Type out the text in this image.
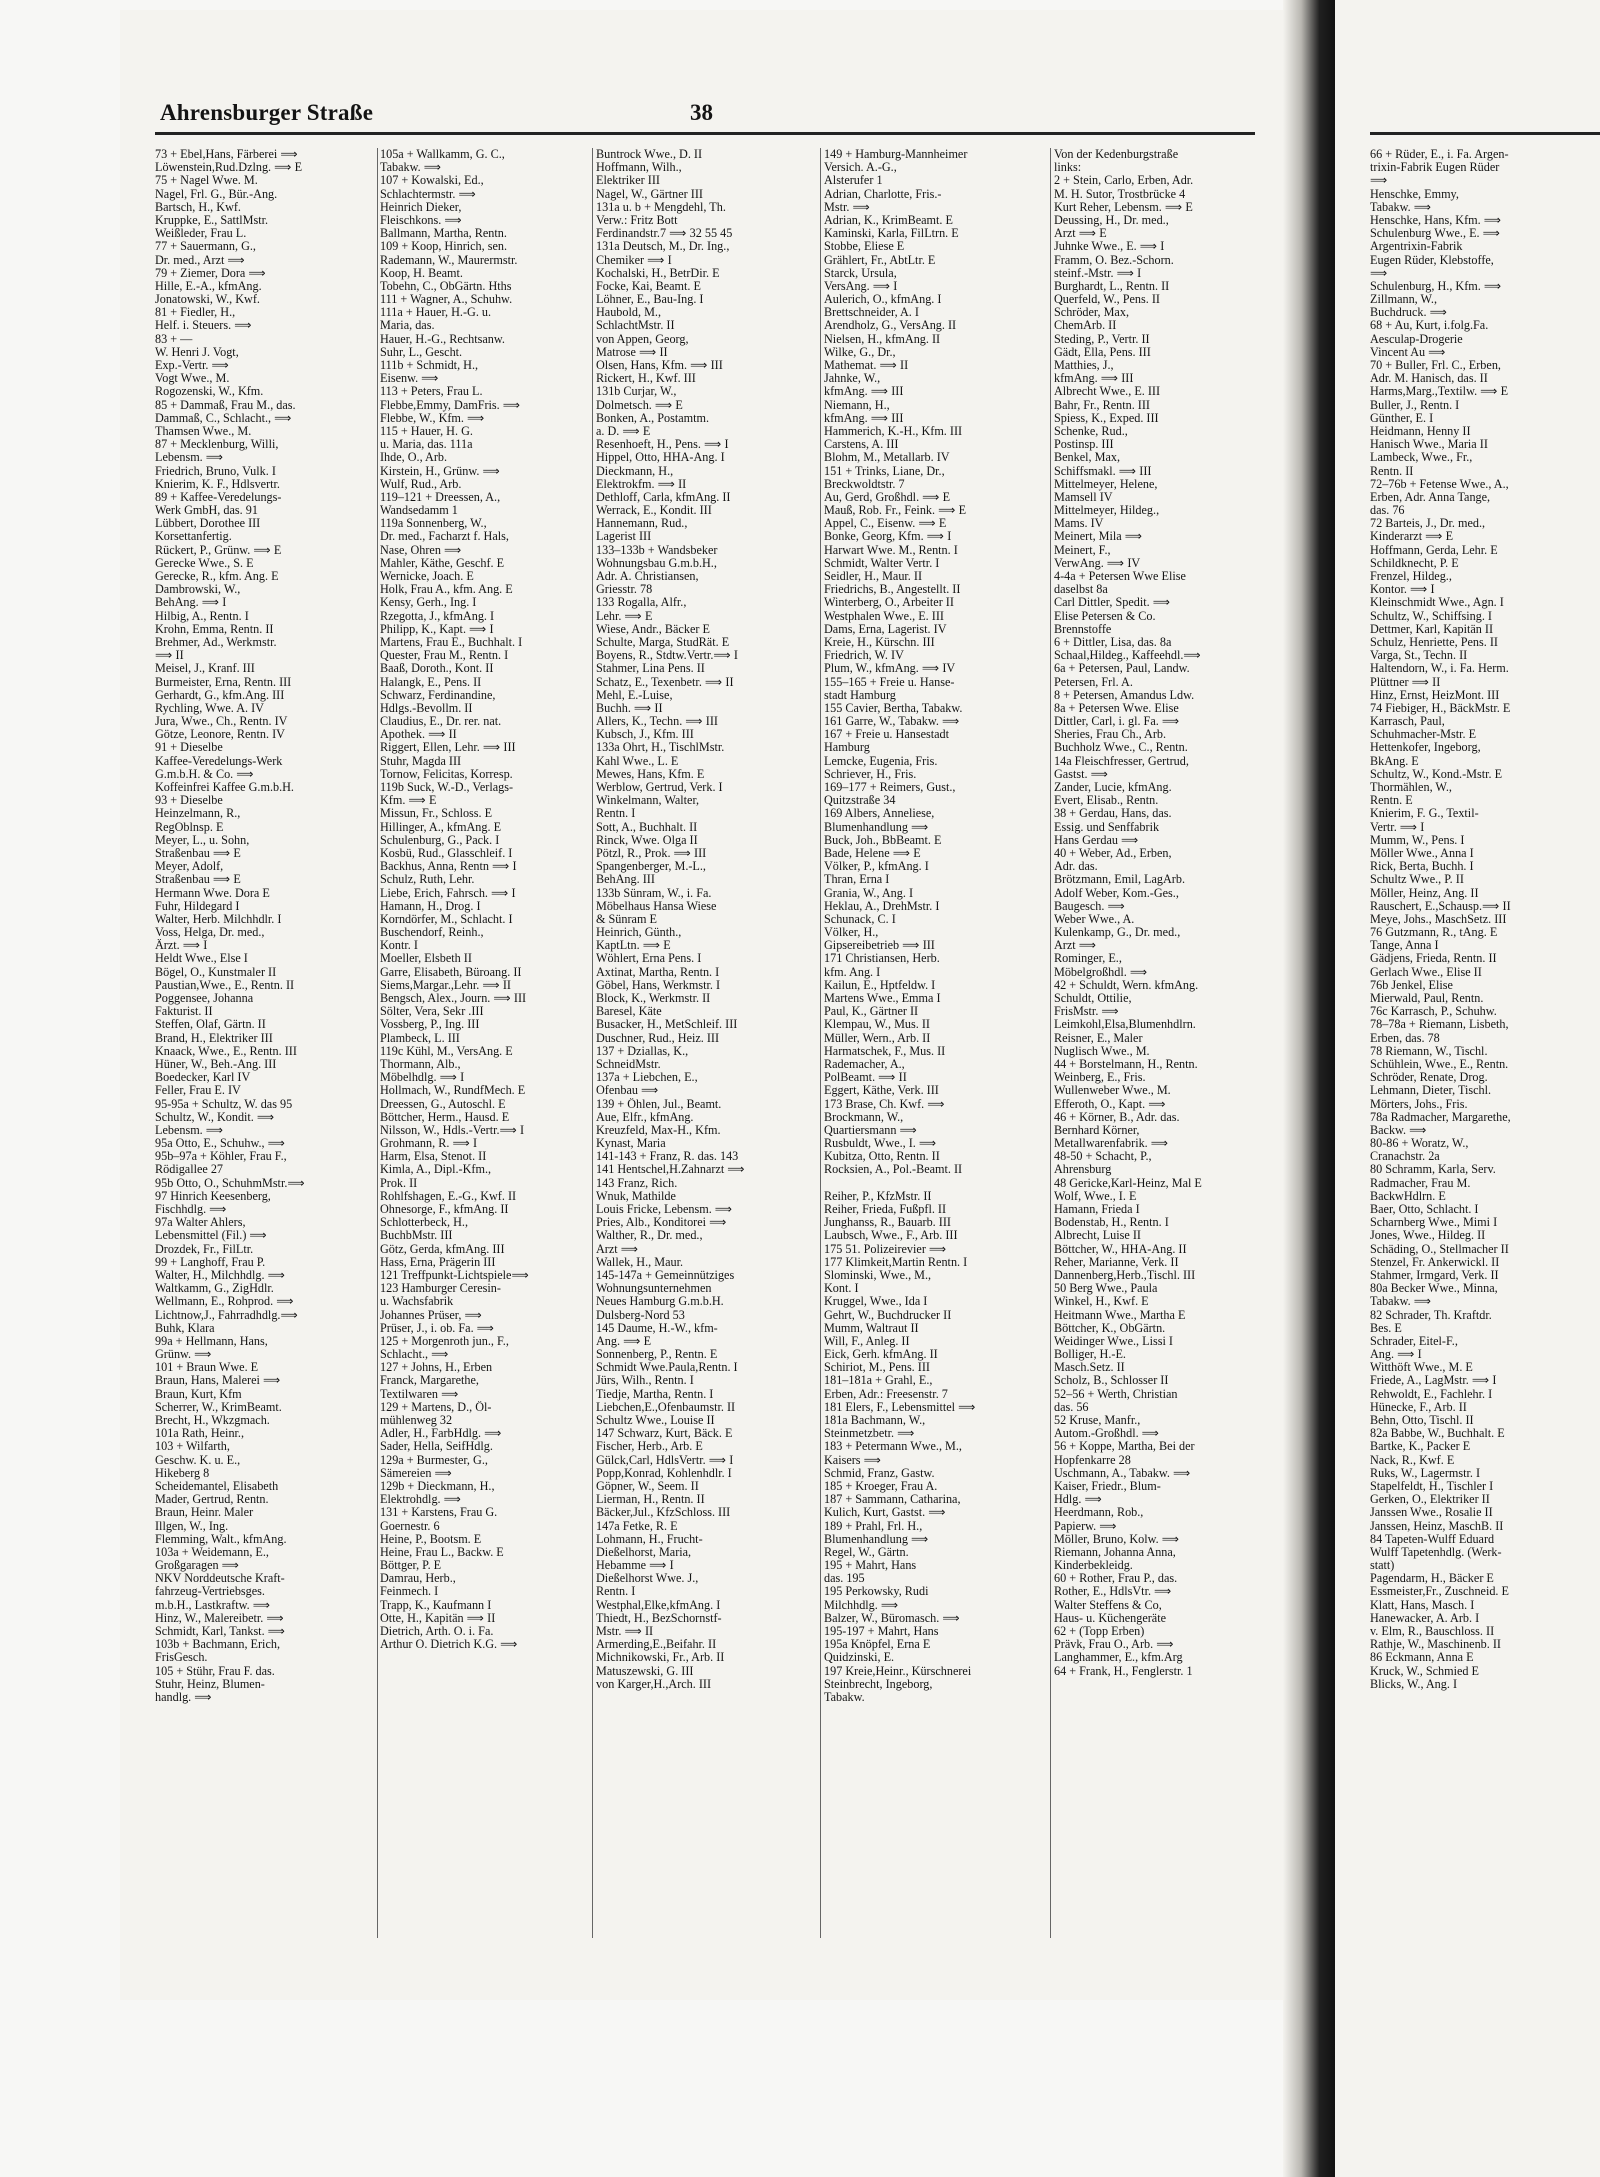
Ahrensburger Straße	38
73 + Ebel,Hans, Färberei ⟹
Löwenstein,Rud.Dzlng. ⟹ E
75 + Nagel Wwe. M.
Nagel, Frl. G., Bür.-Ang.
Bartsch, H., Kwf.
Kruppke, E., SattlMstr.
Weißleder, Frau L.
77 + Sauermann, G.,
Dr. med., Arzt ⟹
79 + Ziemer, Dora ⟹
Hille, E.-A., kfmAng.
Jonatowski, W., Kwf.
81 + Fiedler, H.,
Helf. i. Steuers. ⟹
83 + —
W. Henri J. Vogt,
Exp.-Vertr. ⟹
Vogt Wwe., M.
Rogozenski, W., Kfm.
85 + Dammaß, Frau M., das.
Dammaß, C., Schlacht., ⟹
Thamsen Wwe., M.
87 + Mecklenburg, Willi,
Lebensm. ⟹
Friedrich, Bruno, Vulk. I
Knierim, K. F., Hdlsvertr.
89 + Kaffee-Veredelungs-
Werk GmbH, das. 91
Lübbert, Dorothee III
Korsettanfertig.
Rückert, P., Grünw. ⟹ E
Gerecke Wwe., S. E
Gerecke, R., kfm. Ang. E
Dambrowski, W.,
BehAng. ⟹ I
Hilbig, A., Rentn. I
Krohn, Emma, Rentn. II
Brehmer, Ad., Werkmstr.
⟹ II
Meisel, J., Kranf. III
Burmeister, Erna, Rentn. III
Gerhardt, G., kfm.Ang. III
Rychling, Wwe. A. IV
Jura, Wwe., Ch., Rentn. IV
Götze, Leonore, Rentn. IV
91 + Dieselbe
Kaffee-Veredelungs-Werk
G.m.b.H. & Co. ⟹
Koffeinfrei Kaffee G.m.b.H.
93 + Dieselbe
Heinzelmann, R.,
RegOblnsp. E
Meyer, L., u. Sohn,
Straßenbau ⟹ E
Meyer, Adolf,
Straßenbau ⟹ E
Hermann Wwe. Dora E
Fuhr, Hildegard I
Walter, Herb. Milchhdlr. I
Voss, Helga, Dr. med.,
Ärzt. ⟹ I
Heldt Wwe., Else I
Bögel, O., Kunstmaler II
Paustian,Wwe., E., Rentn. II
Poggensee, Johanna
Fakturist. II
Steffen, Olaf, Gärtn. II
Brand, H., Elektriker III
Knaack, Wwe., E., Rentn. III
Hüner, W., Beh.-Ang. III
Boedecker, Karl IV
Feller, Frau E. IV
95-95a + Schultz, W. das 95
Schultz, W., Kondit. ⟹
Lebensm. ⟹
95a Otto, E., Schuhw., ⟹
95b–97a + Köhler, Frau F.,
Rödigallee 27
95b Otto, O., SchuhmMstr.⟹
97 Hinrich Keesenberg,
Fischhdlg. ⟹
97a Walter Ahlers,
Lebensmittel (Fil.) ⟹
Drozdek, Fr., FilLtr.
99 + Langhoff, Frau P.
Walter, H., Milchhdlg. ⟹
Waltkamm, G., ZigHdlr.
Wellmann, E., Rohprod. ⟹
Lichtnow,J., Fahrradhdlg.⟹
Buhk, Klara
99a + Hellmann, Hans,
Grünw. ⟹
101 + Braun Wwe. E
Braun, Hans, Malerei ⟹
Braun, Kurt, Kfm
Scherrer, W., KrimBeamt.
Brecht, H., Wkzgmach.
101a Rath, Heinr.,
103 + Wilfarth,
Geschw. K. u. E.,
Hikeberg 8
Scheidemantel, Elisabeth
Mader, Gertrud, Rentn.
Braun, Heinr. Maler
Illgen, W., Ing.
Flemming, Walt., kfmAng.
103a + Weidemann, E.,
Großgaragen ⟹
NKV Norddeutsche Kraft-
fahrzeug-Vertriebsges.
m.b.H., Lastkraftw. ⟹
Hinz, W., Malereibetr. ⟹
Schmidt, Karl, Tankst. ⟹
103b + Bachmann, Erich,
FrisGesch.
105 + Stühr, Frau F. das.
Stuhr, Heinz, Blumen-
handlg. ⟹
105a + Wallkamm, G. C.,
Tabakw. ⟹
107 + Kowalski, Ed.,
Schlachtermstr. ⟹
Heinrich Dieker,
Fleischkons. ⟹
Ballmann, Martha, Rentn.
109 + Koop, Hinrich, sen.
Rademann, W., Maurermstr.
Koop, H. Beamt.
Tobehn, C., ObGärtn. Hths
111 + Wagner, A., Schuhw.
111a + Hauer, H.-G. u.
Maria, das.
Hauer, H.-G., Rechtsanw.
Suhr, L., Gescht.
111b + Schmidt, H.,
Eisenw. ⟹
113 + Peters, Frau L.
Flebbe,Emmy, DamFris. ⟹
Flebbe, W., Kfm. ⟹
115 + Hauer, H. G.
u. Maria, das. 111a
Ihde, O., Arb.
Kirstein, H., Grünw. ⟹
Wulf, Rud., Arb.
119–121 + Dreessen, A.,
Wandsedamm 1
119a Sonnenberg, W.,
Dr. med., Facharzt f. Hals,
Nase, Ohren ⟹
Mahler, Käthe, Geschf. E
Wernicke, Joach. E
Holk, Frau A., kfm. Ang. E
Kensy, Gerh., Ing. I
Rzegotta, J., kfmAng. I
Philipp, K., Kapt. ⟹ I
Martens, Frau E., Buchhalt. I
Quester, Frau M., Rentn. I
Baaß, Doroth., Kont. II
Halangk, E., Pens. II
Schwarz, Ferdinandine,
Hdlgs.-Bevollm. II
Claudius, E., Dr. rer. nat.
Apothek. ⟹ II
Riggert, Ellen, Lehr. ⟹ III
Stuhr, Magda III
Tornow, Felicitas, Korresp.
119b Suck, W.-D., Verlags-
Kfm. ⟹ E
Missun, Fr., Schloss. E
Hillinger, A., kfmAng. E
Schulenburg, G., Pack. I
Kosbü, Rud., Glasschleif. I
Backhus, Anna, Rentn ⟹ I
Schulz, Ruth, Lehr.
Liebe, Erich, Fahrsch. ⟹ I
Hamann, H., Drog. I
Korndörfer, M., Schlacht. I
Buschendorf, Reinh.,
Kontr. I
Moeller, Elsbeth II
Garre, Elisabeth, Büroang. II
Siems,Margar.,Lehr. ⟹ II
Bengsch, Alex., Journ. ⟹ III
Sölter, Vera, Sekr .III
Vossberg, P., Ing. III
Plambeck, L. III
119c Kühl, M., VersAng. E
Thormann, Alb.,
Möbelhdlg. ⟹ I
Hollmach, W., RundfMech. E
Dreessen, G., Autoschl. E
Böttcher, Herm., Hausd. E
Nilsson, W., Hdls.-Vertr.⟹ I
Grohmann, R. ⟹ I
Harm, Elsa, Stenot. II
Kimla, A., Dipl.-Kfm.,
Prok. II
Rohlfshagen, E.-G., Kwf. II
Ohnesorge, F., kfmAng. II
Schlotterbeck, H.,
BuchbMstr. III
Götz, Gerda, kfmAng. III
Hass, Erna, Prägerin III
121 Treffpunkt-Lichtspiele⟹
123 Hamburger Ceresin-
u. Wachsfabrik
Johannes Prüser, ⟹
Prüser, J., i. ob. Fa. ⟹
125 + Morgenroth jun., F.,
Schlacht., ⟹
127 + Johns, H., Erben
Franck, Margarethe,
Textilwaren ⟹
129 + Martens, D., Öl-
mühlenweg 32
Adler, H., FarbHdlg. ⟹
Sader, Hella, SeifHdlg.
129a + Burmester, G.,
Sämereien ⟹
129b + Dieckmann, H.,
Elektrohdlg. ⟹
131 + Karstens, Frau G.
Goernestr. 6
Heine, P., Bootsm. E
Heine, Frau L., Backw. E
Böttger, P. E
Damrau, Herb.,
Feinmech. I
Trapp, K., Kaufmann I
Otte, H., Kapitän ⟹ II
Dietrich, Arth. O. i. Fa.
Arthur O. Dietrich K.G. ⟹
Buntrock Wwe., D. II
Hoffmann, Wilh.,
Elektriker III
Nagel, W., Gärtner III
131a u. b + Mengdehl, Th.
Verw.: Fritz Bott
Ferdinandstr.7 ⟹ 32 55 45
131a Deutsch, M., Dr. Ing.,
Chemiker ⟹ I
Kochalski, H., BetrDir. E
Focke, Kai, Beamt. E
Löhner, E., Bau-Ing. I
Haubold, M.,
SchlachtMstr. II
von Appen, Georg,
Matrose ⟹ II
Olsen, Hans, Kfm. ⟹ III
Rickert, H., Kwf. III
131b Curjar, W.,
Dolmetsch. ⟹ E
Bonken, A., Postamtm.
a. D. ⟹ E
Resenhoeft, H., Pens. ⟹ I
Hippel, Otto, HHA-Ang. I
Dieckmann, H.,
Elektrokfm. ⟹ II
Dethloff, Carla, kfmAng. II
Werrack, E., Kondit. III
Hannemann, Rud.,
Lagerist III
133–133b + Wandsbeker
Wohnungsbau G.m.b.H.,
Adr. A. Christiansen,
Griesstr. 78
133 Rogalla, Alfr.,
Lehr. ⟹ E
Wiese, Andr., Bäcker E
Schulte, Marga, StudRät. E
Boyens, R., Stdtw.Vertr.⟹ I
Stahmer, Lina Pens. II
Schatz, E., Texenbetr. ⟹ II
Mehl, E.-Luise,
Buchh. ⟹ II
Allers, K., Techn. ⟹ III
Kubsch, J., Kfm. III
133a Ohrt, H., TischlMstr.
Kahl Wwe., L. E
Mewes, Hans, Kfm. E
Werblow, Gertrud, Verk. I
Winkelmann, Walter,
Rentn. I
Sott, A., Buchhalt. II
Rinck, Wwe. Olga II
Pötzl, R., Prok. ⟹ III
Spangenberger, M.-L.,
BehAng. III
133b Sünram, W., i. Fa.
Möbelhaus Hansa Wiese
& Sünram E
Heinrich, Günth.,
KaptLtn. ⟹ E
Wöhlert, Erna Pens. I
Axtinat, Martha, Rentn. I
Göbel, Hans, Werkmstr. I
Block, K., Werkmstr. II
Baresel, Käte
Busacker, H., MetSchleif. III
Duschner, Rud., Heiz. III
137 + Dziallas, K.,
SchneidMstr.
137a + Liebchen, E.,
Ofenbau ⟹
139 + Öhlen, Jul., Beamt.
Aue, Elfr., kfmAng.
Kreuzfeld, Max-H., Kfm.
Kynast, Maria
141-143 + Franz, R. das. 143
141 Hentschel,H.Zahnarzt ⟹
143 Franz, Rich.
Wnuk, Mathilde
Louis Fricke, Lebensm. ⟹
Pries, Alb., Konditorei ⟹
Walther, R., Dr. med.,
Arzt ⟹
Wallek, H., Maur.
145-147a + Gemeinnütziges
Wohnungsunternehmen
Neues Hamburg G.m.b.H.
Dulsberg-Nord 53
145 Daume, H.-W., kfm-
Ang. ⟹ E
Sonnenberg, P., Rentn. E
Schmidt Wwe.Paula,Rentn. I
Jürs, Wilh., Rentn. I
Tiedje, Martha, Rentn. I
Liebchen,E.,Ofenbaumstr. II
Schultz Wwe., Louise II
147 Schwarz, Kurt, Bäck. E
Fischer, Herb., Arb. E
Gülck,Carl, HdlsVertr. ⟹ I
Popp,Konrad, Kohlenhdlr. I
Göpner, W., Seem. II
Lierman, H., Rentn. II
Bäcker,Jul., KfzSchloss. III
147a Fetke, R. E
Lohmann, H., Frucht-
Dießelhorst, Maria,
Hebamme ⟹ I
Dießelhorst Wwe. J.,
Rentn. I
Westphal,Elke,kfmAng. I
Thiedt, H., BezSchornstf-
Mstr. ⟹ II
Armerding,E.,Beifahr. II
Michnikowski, Fr., Arb. II
Matuszewski, G. III
von Karger,H.,Arch. III
149 + Hamburg-Mannheimer
Versich. A.-G.,
Alsterufer 1
Adrian, Charlotte, Fris.-
Mstr. ⟹
Adrian, K., KrimBeamt. E
Kaminski, Karla, FilLtrn. E
Stobbe, Eliese E
Grählert, Fr., AbtLtr. E
Starck, Ursula,
VersAng. ⟹ I
Aulerich, O., kfmAng. I
Brettschneider, A. I
Arendholz, G., VersAng. II
Nielsen, H., kfmAng. II
Wilke, G., Dr.,
Mathemat. ⟹ II
Jahnke, W.,
kfmAng. ⟹ III
Niemann, H.,
kfmAng. ⟹ III
Hammerich, K.-H., Kfm. III
Carstens, A. III
Blohm, M., Metallarb. IV
151 + Trinks, Liane, Dr.,
Breckwoldtstr. 7
Au, Gerd, Großhdl. ⟹ E
Mauß, Rob. Fr., Feink. ⟹ E
Appel, C., Eisenw. ⟹ E
Bonke, Georg, Kfm. ⟹ I
Harwart Wwe. M., Rentn. I
Schmidt, Walter Vertr. I
Seidler, H., Maur. II
Friedrichs, B., Angestellt. II
Winterberg, O., Arbeiter II
Westphalen Wwe., E. III
Dams, Erna, Lagerist. IV
Kreie, H., Kürschn. III
Friedrich, W. IV
Plum, W., kfmAng. ⟹ IV
155–165 + Freie u. Hanse-
stadt Hamburg
155 Cavier, Bertha, Tabakw.
161 Garre, W., Tabakw. ⟹
167 + Freie u. Hansestadt
Hamburg
Lemcke, Eugenia, Fris.
Schriever, H., Fris.
169–177 + Reimers, Gust.,
Quitzstraße 34
169 Albers, Anneliese,
Blumenhandlung ⟹
Buck, Joh., BbBeamt. E
Bade, Helene ⟹ E
Völker, P., kfmAng. I
Thran, Erna I
Grania, W., Ang. I
Heklau, A., DrehMstr. I
Schunack, C. I
Völker, H.,
Gipsereibetrieb ⟹ III
171 Christiansen, Herb.
kfm. Ang. I
Kailun, E., Hptfeldw. I
Martens Wwe., Emma I
Paul, K., Gärtner II
Klempau, W., Mus. II
Müller, Wern., Arb. II
Harmatschek, F., Mus. II
Rademacher, A.,
PolBeamt. ⟹ II
Eggert, Käthe, Verk. III
173 Brase, Ch. Kwf. ⟹
Brockmann, W.,
Quartiersmann ⟹
Rusbuldt, Wwe., I. ⟹
Kubitza, Otto, Rentn. II
Rocksien, A., Pol.-Beamt. II
Reiher, P., KfzMstr. II
Reiher, Frieda, Fußpfl. II
Junghanss, R., Bauarb. III
Laubsch, Wwe., F., Arb. III
175 51. Polizeirevier ⟹
177 Klimkeit,Martin Rentn. I
Slominski, Wwe., M.,
Kont. I
Kruggel, Wwe., Ida I
Gehrt, W., Buchdrucker II
Mumm, Waltraut II
Will, F., Anleg. II
Eick, Gerh. kfmAng. II
Schiriot, M., Pens. III
181–181a + Grahl, E.,
Erben, Adr.: Freesenstr. 7
181 Elers, F., Lebensmittel ⟹
181a Bachmann, W.,
Steinmetzbetr. ⟹
183 + Petermann Wwe., M.,
Kaisers ⟹
Schmid, Franz, Gastw.
185 + Kroeger, Frau A.
187 + Sammann, Catharina,
Kulich, Kurt, Gastst. ⟹
189 + Prahl, Frl. H.,
Blumenhandlung ⟹
Regel, W., Gärtn.
195 + Mahrt, Hans
das. 195
195 Perkowsky, Rudi
Milchhdlg. ⟹
Balzer, W., Büromasch. ⟹
195-197 + Mahrt, Hans
195a Knöpfel, Erna E
Quidzinski, E.
197 Kreie,Heinr., Kürschnerei
Steinbrecht, Ingeborg,
Tabakw.
Von der Kedenburgstraße
links:
2 + Stein, Carlo, Erben, Adr.
M. H. Sutor, Trostbrücke 4
Kurt Reher, Lebensm. ⟹ E
Deussing, H., Dr. med.,
Arzt ⟹ E
Juhnke Wwe., E. ⟹ I
Framm, O. Bez.-Schorn.
steinf.-Mstr. ⟹ I
Burghardt, L., Rentn. II
Querfeld, W., Pens. II
Schröder, Max,
ChemArb. II
Steding, P., Vertr. II
Gädt, Ella, Pens. III
Matthies, J.,
kfmAng. ⟹ III
Albrecht Wwe., E. III
Bahr, Fr., Rentn. III
Spiess, K., Exped. III
Schenke, Rud.,
Postinsp. III
Benkel, Max,
Schiffsmakl. ⟹ III
Mittelmeyer, Helene,
Mamsell IV
Mittelmeyer, Hildeg.,
Mams. IV
Meinert, Mila ⟹
Meinert, F.,
VerwAng. ⟹ IV
4-4a + Petersen Wwe Elise
daselbst 8a
Carl Dittler, Spedit. ⟹
Elise Petersen & Co.
Brennstoffe
6 + Dittler, Lisa, das. 8a
Schaal,Hildeg., Kaffeehdl.⟹
6a + Petersen, Paul, Landw.
Petersen, Frl. A.
8 + Petersen, Amandus Ldw.
8a + Petersen Wwe. Elise
Dittler, Carl, i. gl. Fa. ⟹
Sheries, Frau Ch., Arb.
Buchholz Wwe., C., Rentn.
14a Fleischfresser, Gertrud,
Gastst. ⟹
Zander, Lucie, kfmAng.
Evert, Elisab., Rentn.
38 + Gerdau, Hans, das.
Essig. und Senffabrik
Hans Gerdau ⟹
40 + Weber, Ad., Erben,
Adr. das.
Brötzmann, Emil, LagArb.
Adolf Weber, Kom.-Ges.,
Baugesch. ⟹
Weber Wwe., A.
Kulenkamp, G., Dr. med.,
Arzt ⟹
Rominger, E.,
Möbelgroßhdl. ⟹
42 + Schuldt, Wern. kfmAng.
Schuldt, Ottilie,
FrisMstr. ⟹
Leimkohl,Elsa,Blumenhdlrn.
Reisner, E., Maler
Nuglisch Wwe., M.
44 + Borstelmann, H., Rentn.
Weinberg, E., Fris.
Wullenweber Wwe., M.
Efferoth, O., Kapt. ⟹
46 + Körner, B., Adr. das.
Bernhard Körner,
Metallwarenfabrik. ⟹
48-50 + Schacht, P.,
Ahrensburg
48 Gericke,Karl-Heinz, Mal E
Wolf, Wwe., I. E
Hamann, Frieda I
Bodenstab, H., Rentn. I
Albrecht, Luise II
Böttcher, W., HHA-Ang. II
Reher, Marianne, Verk. II
Dannenberg,Herb.,Tischl. III
50 Berg Wwe., Paula
Winkel, H., Kwf. E
Heitmann Wwe., Martha E
Böttcher, K., ObGärtn.
Weidinger Wwe., Lissi I
Bolliger, H.-E.
Masch.Setz. II
Scholz, B., Schlosser II
52–56 + Werth, Christian
das. 56
52 Kruse, Manfr.,
Autom.-Großhdl. ⟹
56 + Koppe, Martha, Bei der
Hopfenkarre 28
Uschmann, A., Tabakw. ⟹
Kaiser, Friedr., Blum-
Hdlg. ⟹
Heerdmann, Rob.,
Papierw. ⟹
Möller, Bruno, Kolw. ⟹
Riemann, Johanna Anna,
Kinderbekleidg.
60 + Rother, Frau P., das.
Rother, E., HdlsVtr. ⟹
Walter Steffens & Co,
Haus- u. Küchengeräte
62 + (Topp Erben)
Prävk, Frau O., Arb. ⟹
Langhammer, E., kfm.Arg
64 + Frank, H., Fenglerstr. 1
66 + Rüder, E., i. Fa. Argen-
trixin-Fabrik Eugen Rüder
⟹
Henschke, Emmy,
Tabakw. ⟹
Henschke, Hans, Kfm. ⟹
Schulenburg Wwe., E. ⟹
Argentrixin-Fabrik
Eugen Rüder, Klebstoffe,
⟹
Schulenburg, H., Kfm. ⟹
Zillmann, W.,
Buchdruck. ⟹
68 + Au, Kurt, i.folg.Fa.
Aesculap-Drogerie
Vincent Au ⟹
70 + Buller, Frl. C., Erben,
Adr. M. Hanisch, das. II
Harms,Marg.,Textilw. ⟹ E
Buller, J., Rentn. I
Günther, E. I
Heidmann, Henny II
Hanisch Wwe., Maria II
Lambeck, Wwe., Fr.,
Rentn. II
72–76b + Fetense Wwe., A.,
Erben, Adr. Anna Tange,
das. 76
72 Barteis, J., Dr. med.,
Kinderarzt ⟹ E
Hoffmann, Gerda, Lehr. E
Schildknecht, P. E
Frenzel, Hildeg.,
Kontor. ⟹ I
Kleinschmidt Wwe., Agn. I
Schultz, W., Schiffsing. I
Dettmer, Karl, Kapitän II
Schulz, Henriette, Pens. II
Varga, St., Techn. II
Haltendorn, W., i. Fa. Herm.
Plüttner ⟹ II
Hinz, Ernst, HeizMont. III
74 Fiebiger, H., BäckMstr. E
Karrasch, Paul,
Schuhmacher-Mstr. E
Hettenkofer, Ingeborg,
BkAng. E
Schultz, W., Kond.-Mstr. E
Thormählen, W.,
Rentn. E
Knierim, F. G., Textil-
Vertr. ⟹ I
Mumm, W., Pens. I
Möller Wwe., Anna I
Rick, Berta, Buchh. I
Schultz Wwe., P. II
Möller, Heinz, Ang. II
Rauschert, E.,Schausp.⟹ II
Meye, Johs., MaschSetz. III
76 Gutzmann, R., tAng. E
Tange, Anna I
Gädjens, Frieda, Rentn. II
Gerlach Wwe., Elise II
76b Jenkel, Elise
Mierwald, Paul, Rentn.
76c Karrasch, P., Schuhw.
78–78a + Riemann, Lisbeth,
Erben, das. 78
78 Riemann, W., Tischl.
Schühlein, Wwe., E., Rentn.
Schröder, Renate, Drog.
Lehmann, Dieter, Tischl.
Mörters, Johs., Fris.
78a Radmacher, Margarethe,
Backw. ⟹
80-86 + Woratz, W.,
Cranachstr. 2a
80 Schramm, Karla, Serv.
Radmacher, Frau M.
BackwHdlrn. E
Baer, Otto, Schlacht. I
Scharnberg Wwe., Mimi I
Jones, Wwe., Hildeg. II
Schäding, O., Stellmacher II
Stenzel, Fr. Ankerwickl. II
Stahmer, Irmgard, Verk. II
80a Becker Wwe., Minna,
Tabakw. ⟹
82 Schrader, Th. Kraftdr.
Bes. E
Schrader, Eitel-F.,
Ang. ⟹ I
Witthöft Wwe., M. E
Friede, A., LagMstr. ⟹ I
Rehwoldt, E., Fachlehr. I
Hünecke, F., Arb. II
Behn, Otto, Tischl. II
82a Babbe, W., Buchhalt. E
Bartke, K., Packer E
Nack, R., Kwf. E
Ruks, W., Lagermstr. I
Stapelfeldt, H., Tischler I
Gerken, O., Elektriker II
Janssen Wwe., Rosalie II
Janssen, Heinz, MaschB. II
84 Tapeten-Wulff Eduard
Wulff Tapetenhdlg. (Werk-
statt)
Pagendarm, H., Bäcker E
Essmeister,Fr., Zuschneid. E
Klatt, Hans, Masch. I
Hanewacker, A. Arb. I
v. Elm, R., Bauschloss. II
Rathje, W., Maschinenb. II
86 Eckmann, Anna E
Kruck, W., Schmied E
Blicks, W., Ang. I
